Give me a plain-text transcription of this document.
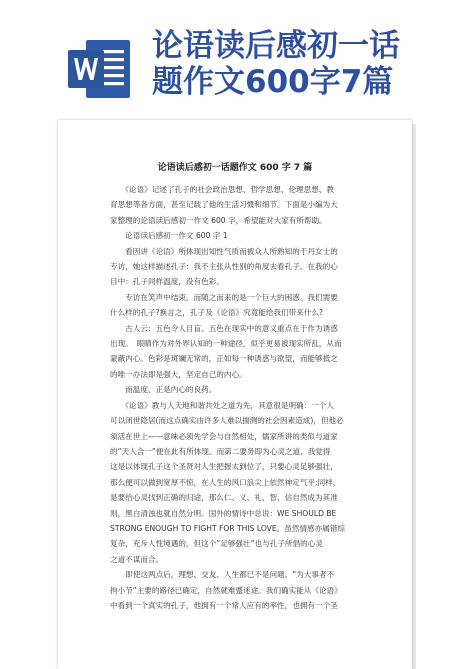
论语读后感初一话
题作文600字7篇
论语读后感初一话题作文 600 字 7 篇
　　《论语》记述了孔子的社会政治思想、哲学思想、伦理思想、教
育思想等各方面，甚至记载了他的生活习惯和细节。下面是小编为大
家整理的论语读后感初一作文 600 字，希望能对大家有所帮助。
　　论语读后感初一作文 600 字 1
　　看因讲《论语》所体现出知性气质而被众人所熟知的于丹女士的
专访，她这样描述孔子：我不主张从性别的角度去看孔子。在我的心
目中：孔子同样温度，没有色彩。
　　专访在笑声中结束，而随之而来的是一个巨大的困惑。我们需要
什么样的孔子?换言之，孔子及《论语》究竟能给我们带来什么?
　　古人云：五色令人目盲。五色在现实中的意义重点在于作为诱惑
出现。　眼睛作为对外界认知的一种途径，似乎更易被现实所乱，从而
蒙蔽内心。色彩是斑斓无常的，正如每一种诱惑与欲望，而能够抵之
的唯一办法即是强大，坚定自己的内心。
　　而温度，正是内心的良药。
　　《论语》教与人天地和谐共处之道为先，其意很是明确：一个人
可以闭世隐居(而这点确实由许多人难以揣测的社会因素造成)，但他必
须活在世上——意味必须先学会与自然相处，儒家所讲的类似与道家
的“天人合一”便在此有所体现。而第二要务即为心灵之道，我觉得
这是以体现孔子这个圣贤对人生把握太到位了，只要心灵足够强壮，
那么便可以做到宽厚不惊，在人生的风口浪尖上依然神定气平;同样，
是要给心灵找到正确的归途，那么仁、义、礼、智、信自然成为其准
则，黑白清浊也就自然分明。国外的情诗中总说：WE SHOULD BE
STRONG ENOUGH TO FIGHT FOR THIS LOVE。虽然情感亦属错综
复杂，充斥人性境遇的，但这个“足够强壮”也与孔子所倡的心灵
之道不谋而合。
　　即使这两点后，理想、交友、人生都已不是问题。“为大事者不
拘小节”主要的路径已确定，自然就难蹙迷途。我们确实能从《论语》
中看到一个真实的孔子，他拥有一个常人应有的率性，也拥有一个圣
